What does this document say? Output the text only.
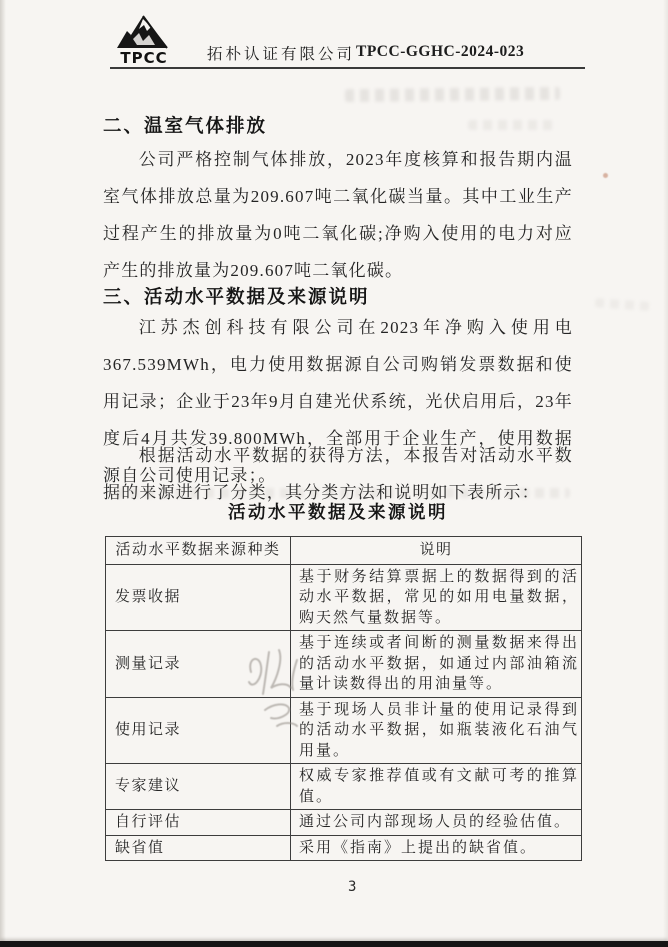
TPCC	拓朴认证有限公司 TPCC-GGHC-2024-023
二、温室气体排放

公司严格控制气体排放，2023年度核算和报告期内温室气体排放总量为209.607吨二氧化碳当量。其中工业生产过程产生的排放量为0吨二氧化碳;净购入使用的电力对应产生的排放量为209.607吨二氧化碳。

三、活动水平数据及来源说明

江苏杰创科技有限公司在2023年净购入使用电367.539MWh，电力使用数据源自公司购销发票数据和使用记录；企业于23年9月自建光伏系统，光伏启用后，23年度后4月共发39.800MWh，全部用于企业生产，使用数据源自公司使用记录；。

根据活动水平数据的获得方法，本报告对活动水平数据的来源进行了分类，其分类方法和说明如下表所示：

活动水平数据及来源说明
活动水平数据来源种类	说明
发票收据	基于财务结算票据上的数据得到的活动水平数据，常见的如用电量数据，购天然气量数据等。
测量记录	基于连续或者间断的测量数据来得出的活动水平数据，如通过内部油箱流量计读数得出的用油量等。
使用记录	基于现场人员非计量的使用记录得到的活动水平数据，如瓶装液化石油气用量。
专家建议	权威专家推荐值或有文献可考的推算值。
自行评估	通过公司内部现场人员的经验估值。
缺省值	采用《指南》上提出的缺省值。
3
